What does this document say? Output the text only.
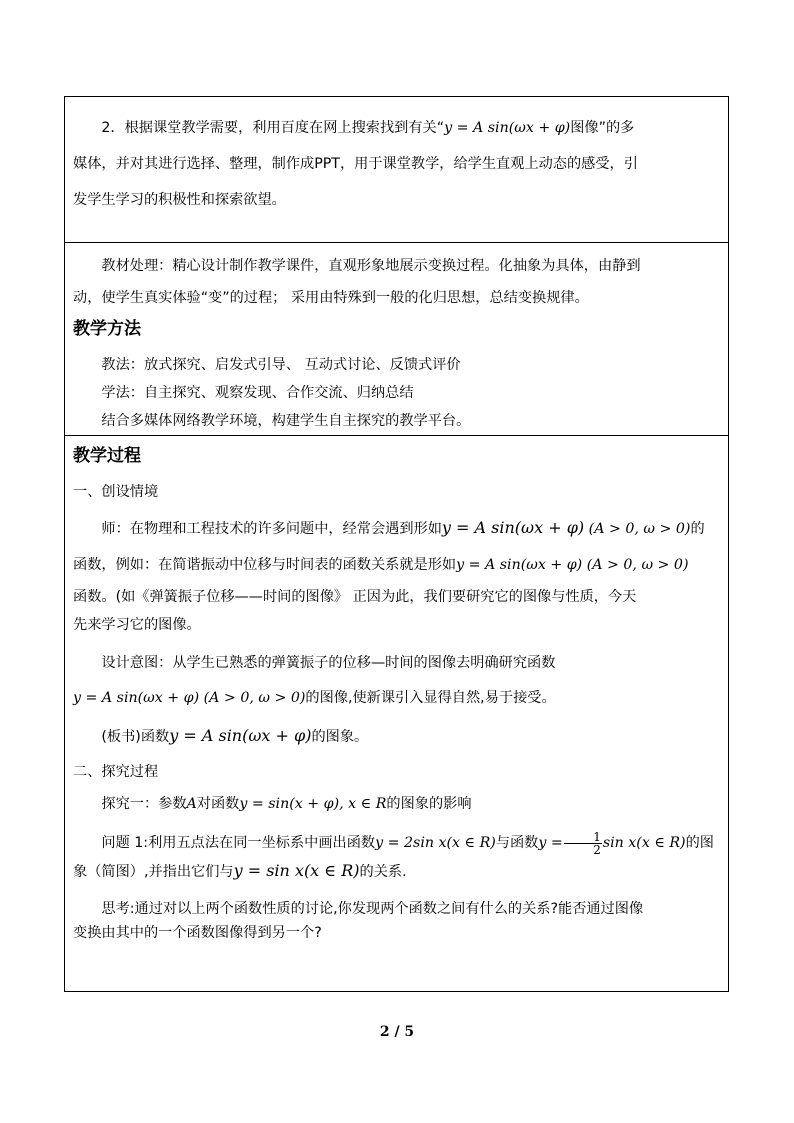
2．根据课堂教学需要，利用百度在网上搜索找到有关“y = A sin(ωx + φ)图像”的多
媒体，并对其进行选择、整理，制作成PPT，用于课堂教学，给学生直观上动态的感受，引
发学生学习的积极性和探索欲望。

教材处理：精心设计制作教学课件，直观形象地展示变换过程。化抽象为具体，由静到
动，使学生真实体验“变”的过程； 采用由特殊到一般的化归思想，总结变换规律。

教学方法

教法：放式探究、启发式引导、 互动式讨论、反馈式评价

学法：自主探究、观察发现、合作交流、归纳总结

结合多媒体网络教学环境，构建学生自主探究的教学平台。

教学过程

一、创设情境

师：在物理和工程技术的许多问题中，经常会遇到形如y = A sin(ωx + φ) (A > 0, ω > 0)的

函数，例如：在简谐振动中位移与时间表的函数关系就是形如y = A sin(ωx + φ) (A > 0, ω > 0)

函数。(如《弹簧振子位移——时间的图像》 正因为此，我们要研究它的图像与性质，今天
先来学习它的图像。

设计意图：从学生已熟悉的弹簧振子的位移—时间的图像去明确研究函数

y = A sin(ωx + φ) (A > 0, ω > 0)的图像,使新课引入显得自然,易于接受。

(板书)函数y = A sin(ωx + φ)的图象。

二、探究过程

探究一：参数A对函数y = sin(x + φ), x ∈ R的图象的影响

问题 1:利用五点法在同一坐标系中画出函数y = 2sin x(x ∈ R)与函数$y = \frac{1}{2}$ sin x(x ∈ R)的图

象（简图）,并指出它们与y = sin x(x ∈ R)的关系.

思考:通过对以上两个函数性质的讨论,你发现两个函数之间有什么的关系?能否通过图像
变换由其中的一个函数图像得到另一个?

2 / 5
